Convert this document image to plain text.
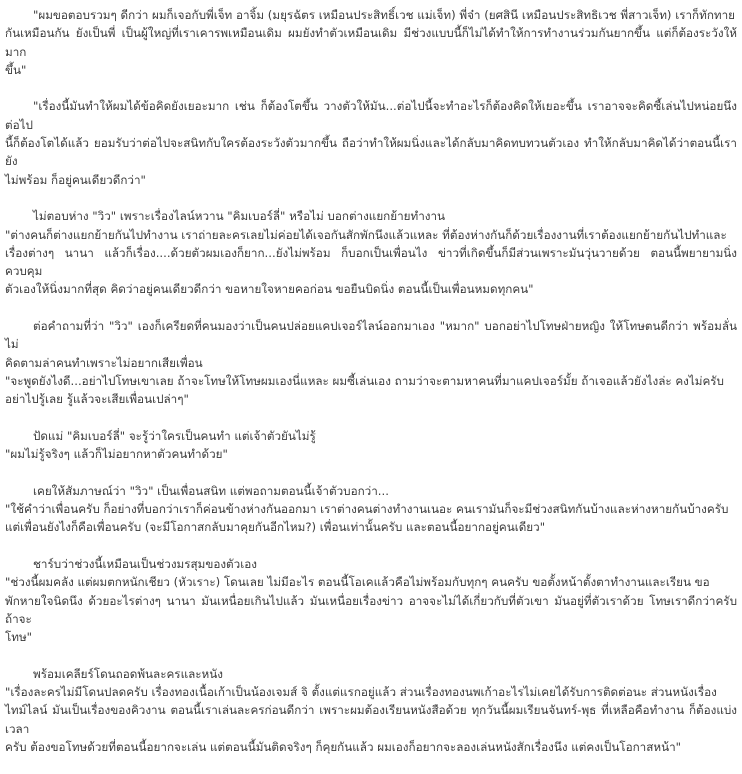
"ผมขอตอบรวมๆ ดีกว่า ผมก็เจอกับพี่เจ็ท อาจิ้ม (มยุรฉัตร เหมือนประสิทธิ์เวช แม่เจ็ท) พี่จ๋า (ยศสินี เหมือนประสิทธิเวช พี่สาวเจ็ท) เราก็ทักทาย
กันเหมือนกัน ยังเป็นพี่ เป็นผู้ใหญ่ที่เราเคารพเหมือนเดิม ผมยังทำตัวเหมือนเดิม มีช่วงแบบนี้ก็ไม่ได้ทำให้การทำงานร่วมกันยากขึ้น แต่ก็ต้องระวังให้มาก
ขึ้น"
"เรื่องนี้มันทำให้ผมได้ข้อคิดยังเยอะมาก เช่น ก็ต้องโตขึ้น วางตัวให้มัน...ต่อไปนี้จะทำอะไรก็ต้องคิดให้เยอะขึ้น เราอาจจะคิดซี้เล่นไปหน่อยนึง ต่อไป
นี้ก็ต้องโตได้แล้ว ยอมรับว่าต่อไปจะสนิทกับใครต้องระวังตัวมากขึ้น ถือว่าทำให้ผมนิ่งและได้กลับมาคิดทบทวนตัวเอง ทำให้กลับมาคิดได้ว่าตอนนี้เรายัง
ไม่พร้อม ก็อยู่คนเดียวดีกว่า"
ไม่ตอบห่าง "วิว" เพราะเรื่องไลน์หวาน "คิมเบอร์ลี่" หรือไม่ บอกต่างแยกย้ายทำงาน
"ต่างคนก็ต่างแยกย้ายกันไปทำงาน เราถ่ายละครเลยไม่ค่อยได้เจอกันสักพักนึงแล้วแหละ ที่ต้องห่างกันก็ด้วยเรื่องงานที่เราต้องแยกย้ายกันไปทำและ
เรื่องต่างๆ นานา แล้วก็เรื่อง....ด้วยตัวผมเองก็ยาก...ยังไม่พร้อม ก็บอกเป็นเพื่อนไง ข่าวที่เกิดขึ้นก็มีส่วนเพราะมันวุ่นวายด้วย ตอนนี้พยายามนิ่ง ควบคุม
ตัวเองให้นิ่งมากที่สุด คิดว่าอยู่คนเดียวดีกว่า ขอหายใจหายคอก่อน ขอยืนบิดนิ่ง ตอนนี้เป็นเพื่อนหมดทุกคน"
ต่อคำถามที่ว่า "วิว" เองก็เครียดที่คนมองว่าเป็นคนปล่อยแคปเจอร์ไลน์ออกมาเอง "หมาก" บอกอย่าไปโทษฝ่ายหญิง ให้โทษตนดีกว่า พร้อมลั่นไม่
คิดตามล่าคนทำเพราะไม่อยากเสียเพื่อน
"จะพูดยังไงดี...อย่าไปโทษเขาเลย ถ้าจะโทษให้โทษผมเองนี่แหละ ผมซี้เล่นเอง ถามว่าจะตามหาคนที่มาแคปเจอร์มั้ย ถ้าเจอแล้วยังไงล่ะ คงไม่ครับ
อย่าไปรู้เลย รู้แล้วจะเสียเพื่อนเปล่าๆ"
ปัดแม่ "คิมเบอร์ลี่" จะรู้ว่าใครเป็นคนทำ แต่เจ้าตัวยันไม่รู้
"ผมไม่รู้จริงๆ แล้วก็ไม่อยากหาตัวคนทำด้วย"
เคยให้สัมภาษณ์ว่า "วิว" เป็นเพื่อนสนิท แต่พอถามตอนนี้เจ้าตัวบอกว่า...
"ใช้คำว่าเพื่อนครับ ก็อย่างที่บอกว่าเราก็ค่อนข้างห่างกันออกมา เราต่างคนต่างทำงานเนอะ คนเรามันก็จะมีช่วงสนิทกันบ้างและห่างหายกันบ้างครับ
แต่เพื่อนยังไงก็คือเพื่อนครับ (จะมีโอกาสกลับมาคุยกันอีกไหม?) เพื่อนเท่านั้นครับ และตอนนี้อยากอยู่คนเดียว"
ชาร์บว่าช่วงนี้เหมือนเป็นช่วงมรสุมของตัวเอง
"ช่วงนี้ผมคลัง แต่ผมตกหนักเชียว (หัวเราะ) โดนเลย ไม่มีอะไร ตอนนี้โอเคแล้วคือไม่พร้อมกับทุกๆ คนครับ ขอตั้งหน้าตั้งตาทำงานและเรียน ขอ
พักหายใจนิดนึง ด้วยอะไรต่างๆ นานา มันเหนื่อยเกินไปแล้ว มันเหนื่อยเรื่องข่าว อาจจะไม่ได้เกี่ยวกับที่ตัวเขา มันอยู่ที่ตัวเราด้วย โทษเราดีกว่าครับถ้าจะ
โทษ"
พร้อมเคลียร์โดนถอดพ้นละครและหนัง
"เรื่องละครไม่มีโดนปลดครับ เรื่องทองเนื้อเก้าเป็นน้องเจมส์ จิ ตั้งแต่แรกอยู่แล้ว ส่วนเรื่องทองนพเก้าอะไรไม่เคยได้รับการติดต่อนะ ส่วนหนังเรื่อง
ไทม์ไลน์ มันเป็นเรื่องของคิวงาน ตอนนี้เราเล่นละครก่อนดีกว่า เพราะผมต้องเรียนหนังสือด้วย ทุกวันนี้ผมเรียนจันทร์-พุธ ที่เหลือคือทำงาน ก็ต้องแบ่งเวลา
ครับ ต้องขอโทษด้วยที่ตอนนี้อยากจะเล่น แต่ตอนนี้มันติดจริงๆ ก็คุยกันแล้ว ผมเองก็อยากจะลองเล่นหนังสักเรื่องนึง แต่คงเป็นโอกาสหน้า"
